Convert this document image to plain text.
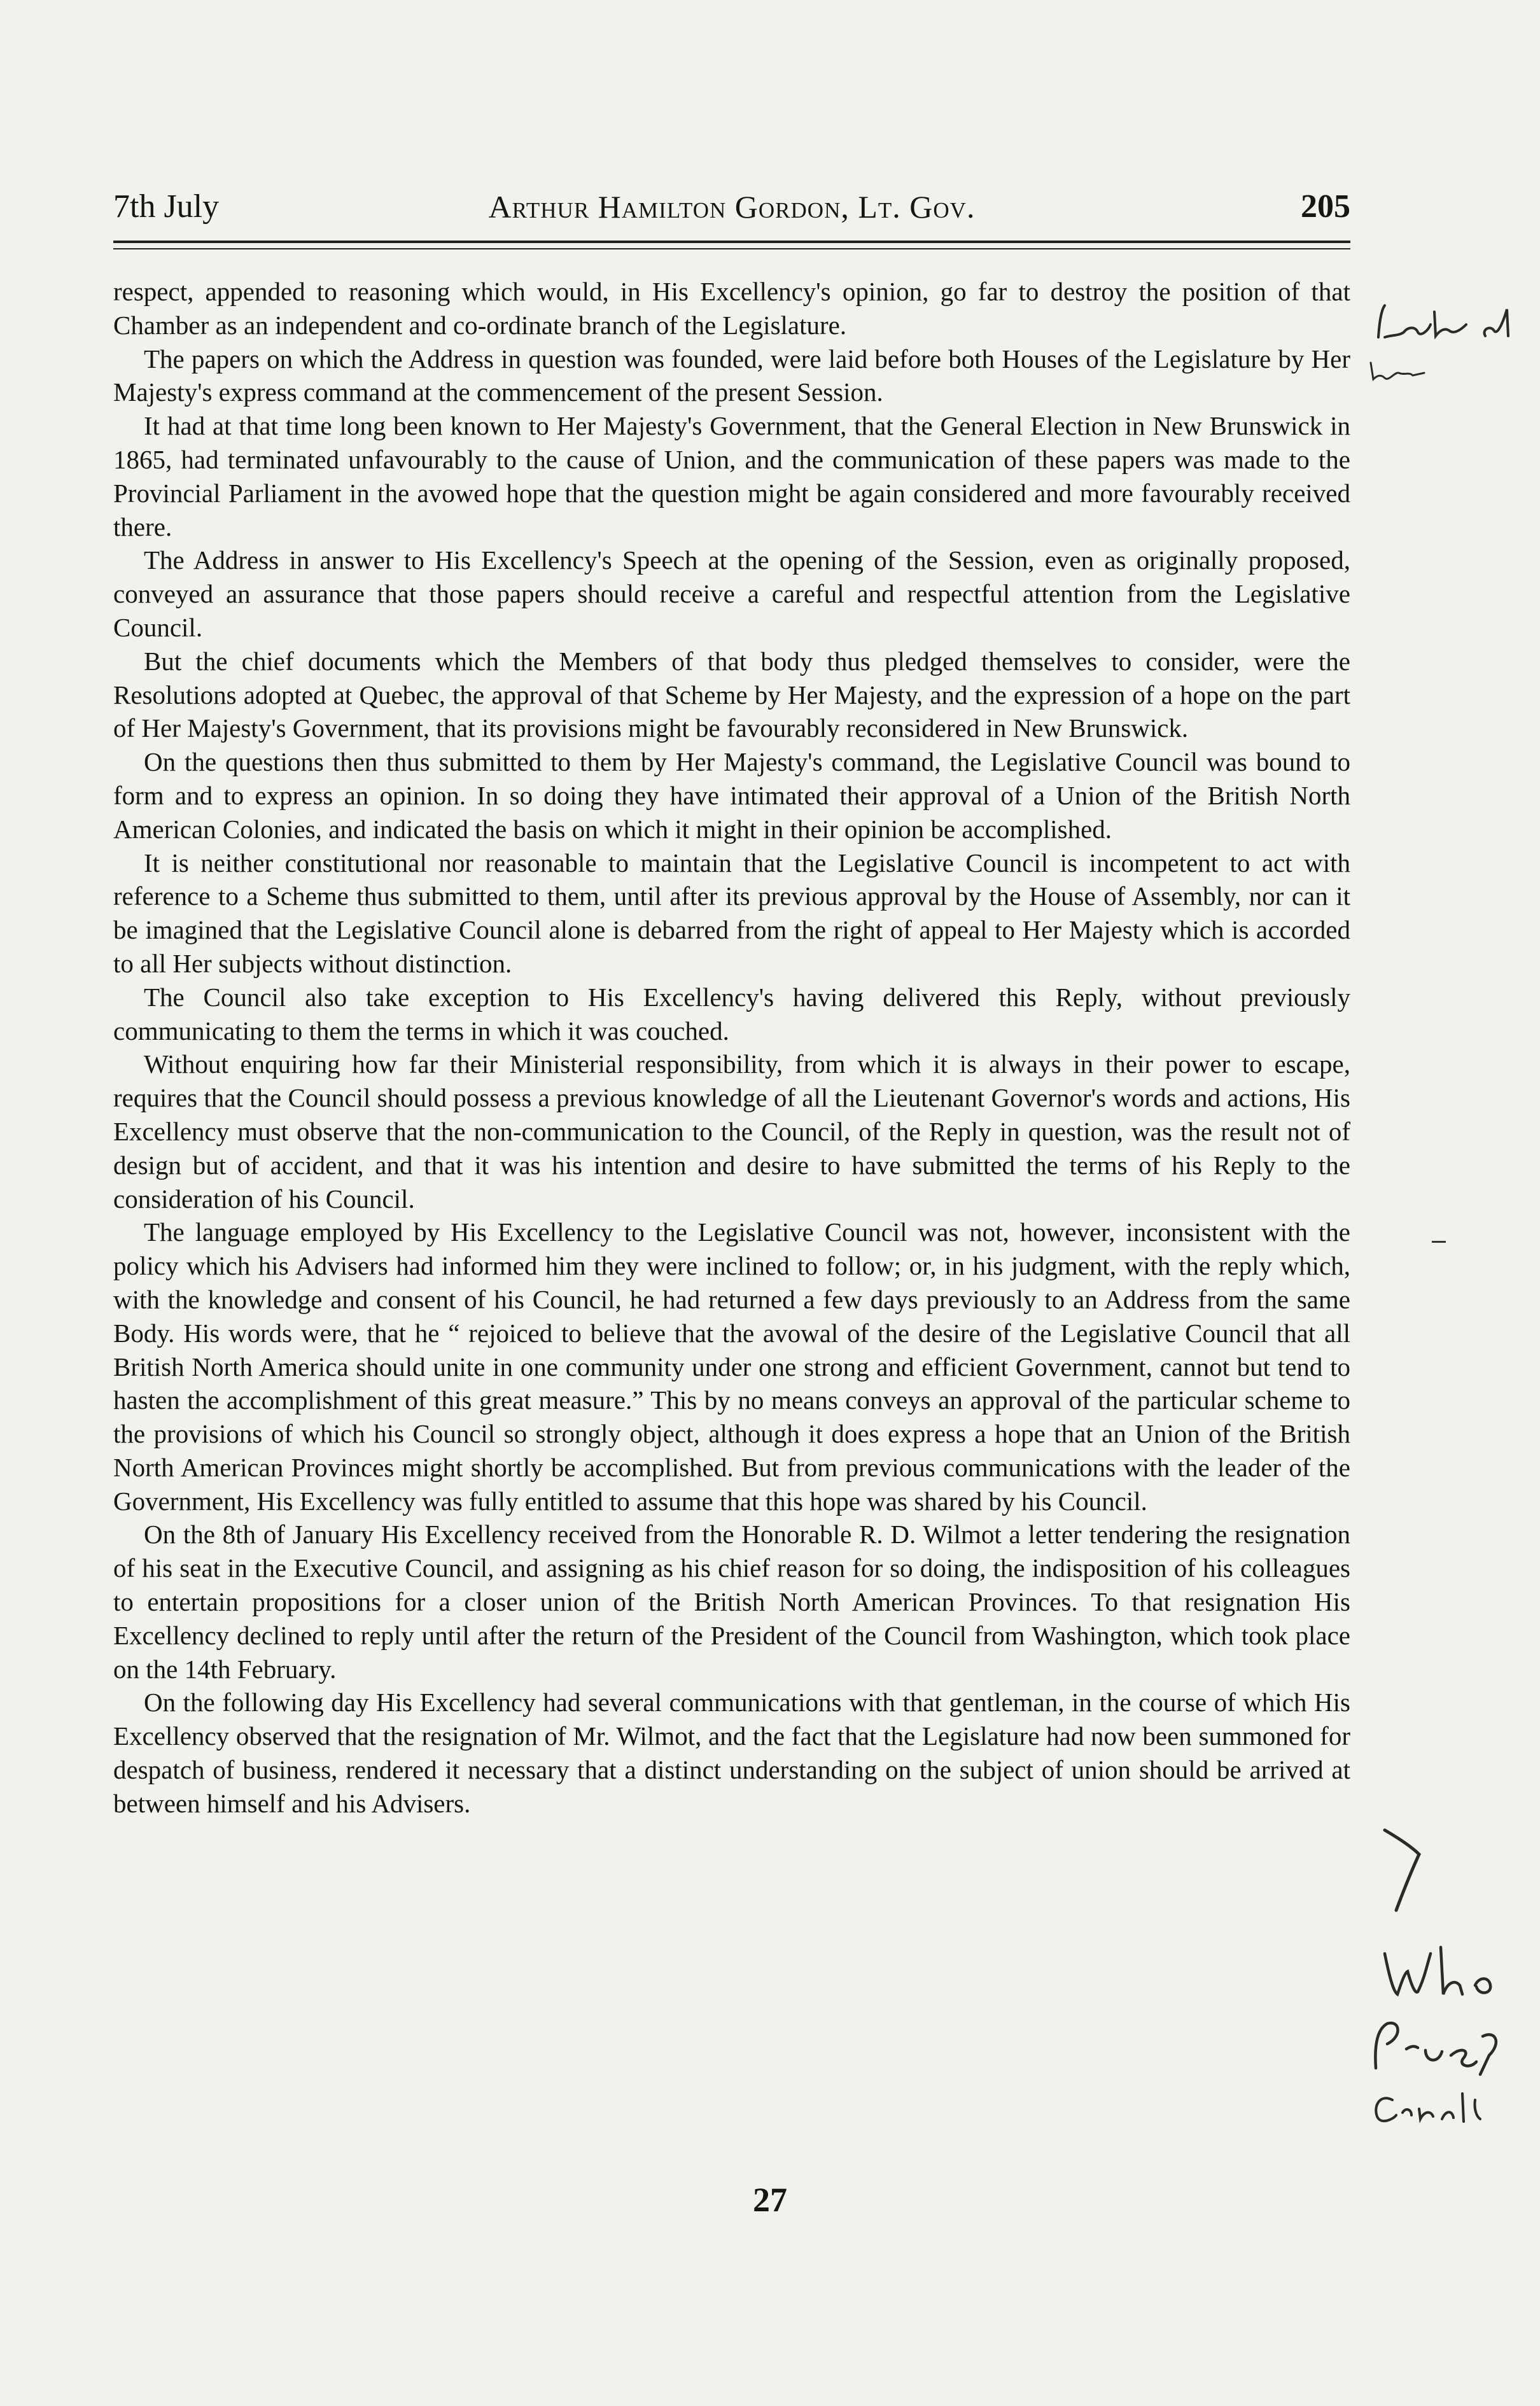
7th July	Arthur Hamilton Gordon, Lt. Gov.	205

respect, appended to reasoning which would, in His Excellency's opinion, go far to destroy the position of that Chamber as an independent and co-ordinate branch of the Legislature.

The papers on which the Address in question was founded, were laid before both Houses of the Legislature by Her Majesty's express command at the commencement of the present Session.

It had at that time long been known to Her Majesty's Government, that the General Election in New Brunswick in 1865, had terminated unfavourably to the cause of Union, and the communication of these papers was made to the Provincial Parliament in the avowed hope that the question might be again considered and more favourably received there.

The Address in answer to His Excellency's Speech at the opening of the Session, even as originally proposed, conveyed an assurance that those papers should receive a careful and respectful attention from the Legislative Council.

But the chief documents which the Members of that body thus pledged themselves to consider, were the Resolutions adopted at Quebec, the approval of that Scheme by Her Majesty, and the expression of a hope on the part of Her Majesty's Government, that its provisions might be favourably reconsidered in New Brunswick.

On the questions then thus submitted to them by Her Majesty's command, the Legislative Council was bound to form and to express an opinion. In so doing they have intimated their approval of a Union of the British North American Colonies, and indicated the basis on which it might in their opinion be accomplished.

It is neither constitutional nor reasonable to maintain that the Legislative Council is incompetent to act with reference to a Scheme thus submitted to them, until after its previous approval by the House of Assembly, nor can it be imagined that the Legislative Council alone is debarred from the right of appeal to Her Majesty which is accorded to all Her subjects without distinction.

The Council also take exception to His Excellency's having delivered this Reply, without previously communicating to them the terms in which it was couched.

Without enquiring how far their Ministerial responsibility, from which it is always in their power to escape, requires that the Council should possess a previous knowledge of all the Lieutenant Governor's words and actions, His Excellency must observe that the non-communication to the Council, of the Reply in question, was the result not of design but of accident, and that it was his intention and desire to have submitted the terms of his Reply to the consideration of his Council.

The language employed by His Excellency to the Legislative Council was not, however, inconsistent with the policy which his Advisers had informed him they were inclined to follow; or, in his judgment, with the reply which, with the knowledge and consent of his Council, he had returned a few days previously to an Address from the same Body. His words were, that he “ rejoiced to believe that the avowal of the desire of the Legislative Council that all British North America should unite in one community under one strong and efficient Government, cannot but tend to hasten the accomplishment of this great measure.” This by no means conveys an approval of the particular scheme to the provisions of which his Council so strongly object, although it does express a hope that an Union of the British North American Provinces might shortly be accomplished. But from previous communications with the leader of the Government, His Excellency was fully entitled to assume that this hope was shared by his Council.

On the 8th of January His Excellency received from the Honorable R. D. Wilmot a letter tendering the resignation of his seat in the Executive Council, and assigning as his chief reason for so doing, the indisposition of his colleagues to entertain propositions for a closer union of the British North American Provinces. To that resignation His Excellency declined to reply until after the return of the President of the Council from Washington, which took place on the 14th February.

On the following day His Excellency had several communications with that gentleman, in the course of which His Excellency observed that the resignation of Mr. Wilmot, and the fact that the Legislature had now been summoned for despatch of business, rendered it necessary that a distinct understanding on the subject of union should be arrived at between himself and his Advisers.

27
